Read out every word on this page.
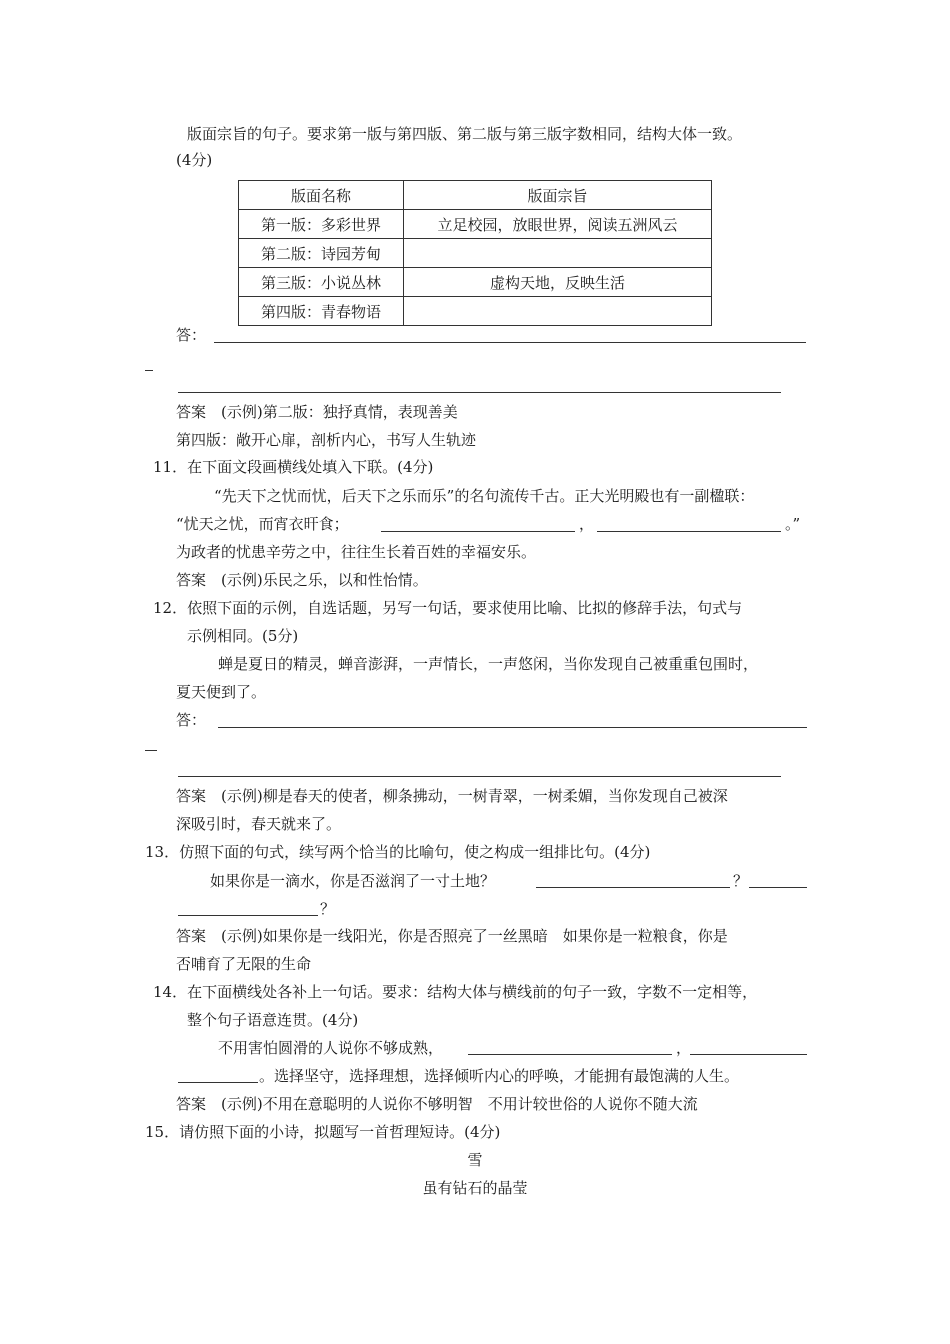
版面宗旨的句子。要求第一版与第四版、第二版与第三版字数相同，结构大体一致。
(4分)
版面名称	版面宗旨
第一版：多彩世界	立足校园，放眼世界，阅读五洲风云
第二版：诗园芳甸	
第三版：小说丛林	虚构天地，反映生活
第四版：青春物语	
答：
答案　(示例)第二版：独抒真情，表现善美
第四版：敞开心扉，剖析内心，书写人生轨迹
11．在下面文段画横线处填入下联。(4分)
“先天下之忧而忧，后天下之乐而乐”的名句流传千古。正大光明殿也有一副楹联：
“忧天之忧，而宵衣旰食；	，	。”
为政者的忧患辛劳之中，往往生长着百姓的幸福安乐。
答案　(示例)乐民之乐，以和性怡情。
12．依照下面的示例，自选话题，另写一句话，要求使用比喻、比拟的修辞手法，句式与
示例相同。(5分)
蝉是夏日的精灵，蝉音澎湃，一声情长，一声悠闲，当你发现自己被重重包围时，
夏天便到了。
答：
答案　(示例)柳是春天的使者，柳条拂动，一树青翠，一树柔媚，当你发现自己被深
深吸引时，春天就来了。
13．仿照下面的句式，续写两个恰当的比喻句，使之构成一组排比句。(4分)
如果你是一滴水，你是否滋润了一寸土地？	？
？
答案　(示例)如果你是一线阳光，你是否照亮了一丝黑暗　如果你是一粒粮食，你是
否哺育了无限的生命
14．在下面横线处各补上一句话。要求：结构大体与横线前的句子一致，字数不一定相等，
整个句子语意连贯。(4分)
不用害怕圆滑的人说你不够成熟，	，
。选择坚守，选择理想，选择倾听内心的呼唤，才能拥有最饱满的人生。
答案　(示例)不用在意聪明的人说你不够明智　不用计较世俗的人说你不随大流
15．请仿照下面的小诗，拟题写一首哲理短诗。(4分)
雪
虽有钻石的晶莹
